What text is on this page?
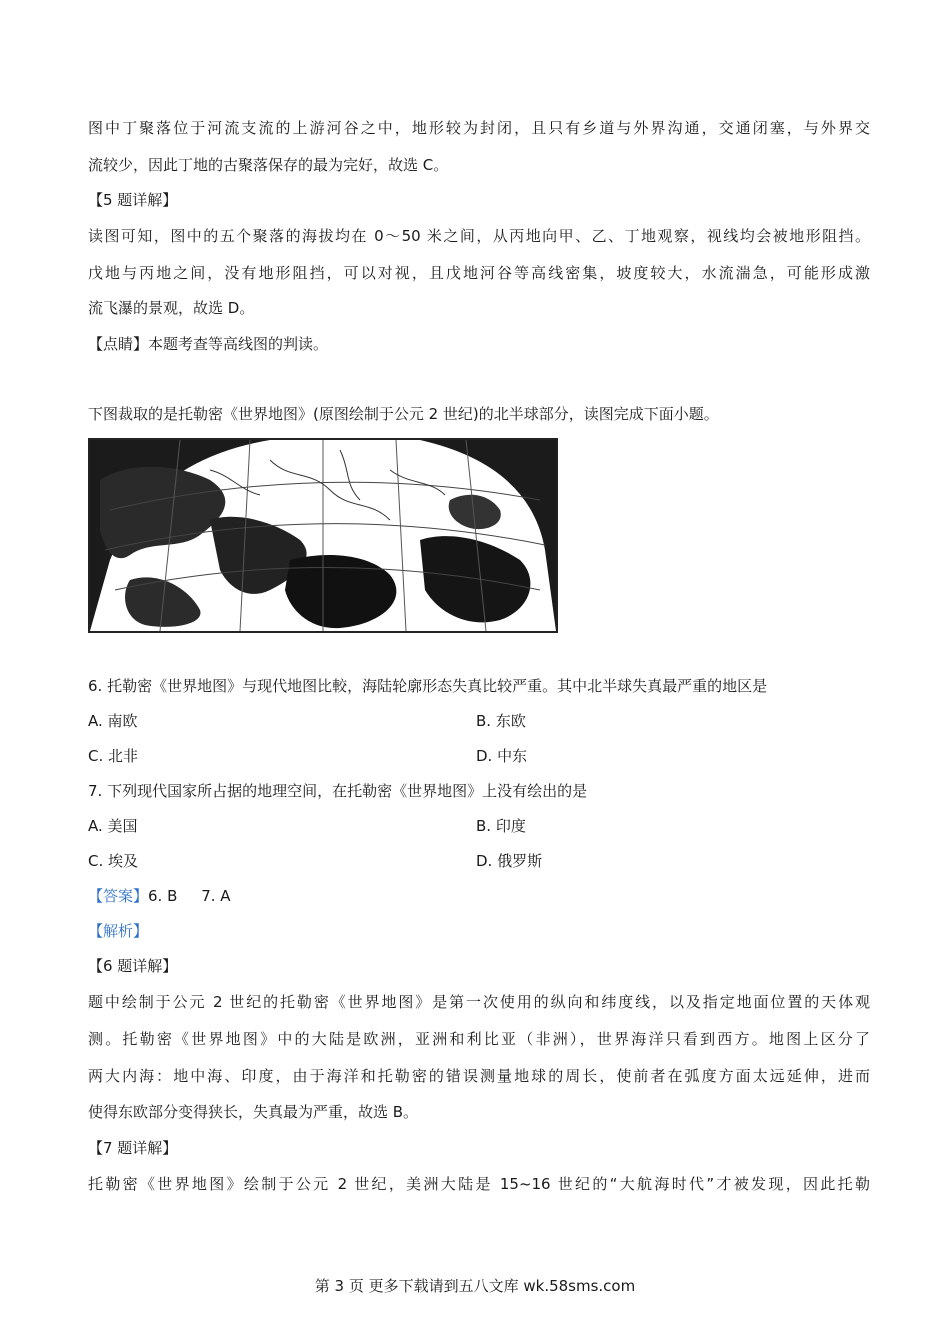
图中丁聚落位于河流支流的上游河谷之中，地形较为封闭，且只有乡道与外界沟通，交通闭塞，与外界交
流较少，因此丁地的古聚落保存的最为完好，故选 C。
【5 题详解】
读图可知，图中的五个聚落的海拔均在 0～50 米之间，从丙地向甲、乙、丁地观察，视线均会被地形阻挡。
戊地与丙地之间，没有地形阻挡，可以对视，且戊地河谷等高线密集，坡度较大，水流湍急，可能形成激
流飞瀑的景观，故选 D。
【点睛】本题考查等高线图的判读。
下图裁取的是托勒密《世界地图》(原图绘制于公元 2 世纪)的北半球部分，读图完成下面小题。
6. 托勒密《世界地图》与现代地图比較，海陆轮廓形态失真比较严重。其中北半球失真最严重的地区是
A. 南欧	B. 东欧
C. 北非	D. 中东
7. 下列现代国家所占据的地理空间，在托勒密《世界地图》上没有绘出的是
A. 美国	B. 印度
C. 埃及	D. 俄罗斯
【答案】6. B     7. A
【解析】
【6 题详解】
题中绘制于公元 2 世纪的托勒密《世界地图》是第一次使用的纵向和纬度线，以及指定地面位置的天体观
测。托勒密《世界地图》中的大陆是欧洲，亚洲和利比亚（非洲），世界海洋只看到西方。地图上区分了
两大内海：地中海、印度，由于海洋和托勒密的错误测量地球的周长，使前者在弧度方面太远延伸，进而
使得东欧部分变得狭长，失真最为严重，故选 B。
【7 题详解】
托勒密《世界地图》绘制于公元 2 世纪，美洲大陆是 15~16 世纪的“大航海时代”才被发现，因此托勒
第 3 页 更多下载请到五八文库 wk.58sms.com
